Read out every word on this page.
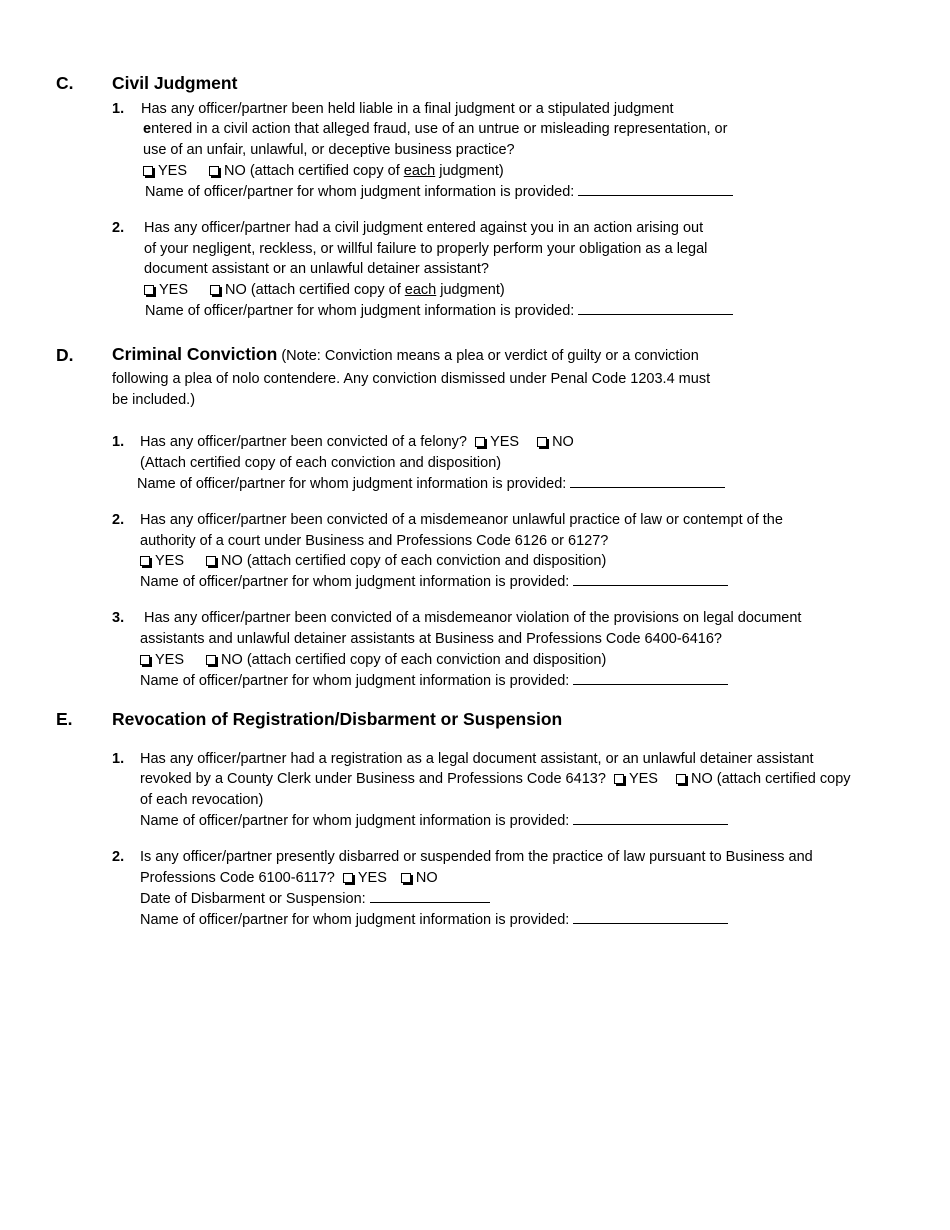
C. Civil Judgment
1. Has any officer/partner been held liable in a final judgment or a stipulated judgment
entered in a civil action that alleged fraud, use of an untrue or misleading representation, or
use of an unfair, unlawful, or deceptive business practice?
YES	NO (attach certified copy of each judgment)
Name of officer/partner for whom judgment information is provided:
2. Has any officer/partner had a civil judgment entered against you in an action arising out
of your negligent, reckless, or willful failure to properly perform your obligation as a legal
document assistant or an unlawful detainer assistant?
YES	NO (attach certified copy of each judgment)
Name of officer/partner for whom judgment information is provided:
D. Criminal Conviction (Note: Conviction means a plea or verdict of guilty or a conviction
following a plea of nolo contendere. Any conviction dismissed under Penal Code 1203.4 must
be included.)
1. Has any officer/partner been convicted of a felony? YES NO
(Attach certified copy of each conviction and disposition)
Name of officer/partner for whom judgment information is provided:
2. Has any officer/partner been convicted of a misdemeanor unlawful practice of law or contempt of the
authority of a court under Business and Professions Code 6126 or 6127?
YES	NO (attach certified copy of each conviction and disposition)
Name of officer/partner for whom judgment information is provided:
3. Has any officer/partner been convicted of a misdemeanor violation of the provisions on legal document
assistants and unlawful detainer assistants at Business and Professions Code 6400-6416?
YES	NO (attach certified copy of each conviction and disposition)
Name of officer/partner for whom judgment information is provided:
E. Revocation of Registration/Disbarment or Suspension
1. Has any officer/partner had a registration as a legal document assistant, or an unlawful detainer assistant
revoked by a County Clerk under Business and Professions Code 6413? YES NO (attach certified copy
of each revocation)
Name of officer/partner for whom judgment information is provided:
2. Is any officer/partner presently disbarred or suspended from the practice of law pursuant to Business and
Professions Code 6100-6117? YES NO
Date of Disbarment or Suspension:
Name of officer/partner for whom judgment information is provided:
